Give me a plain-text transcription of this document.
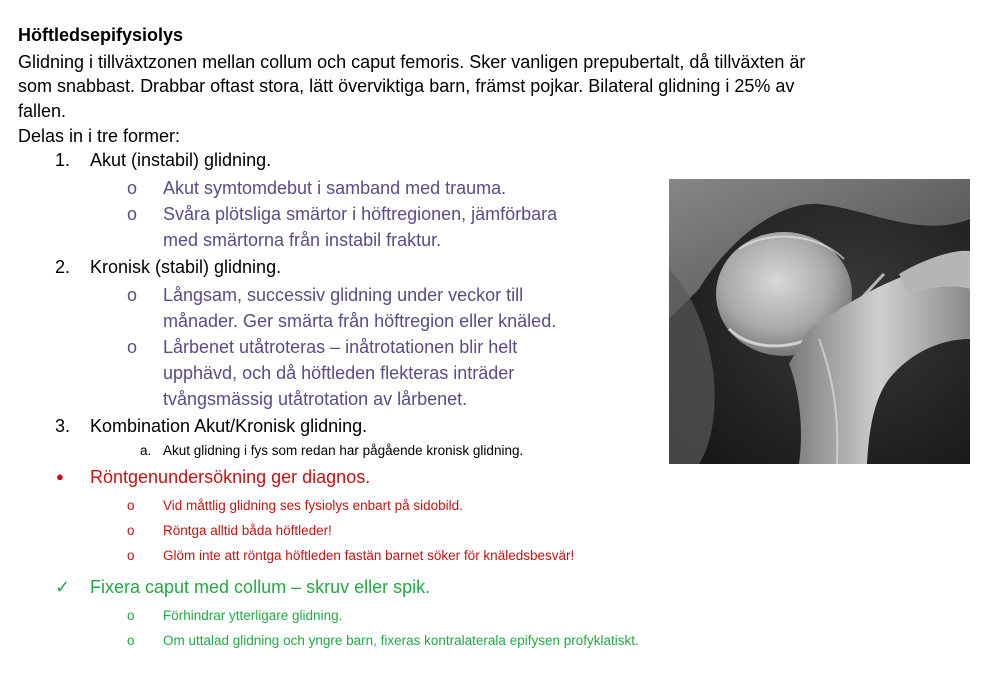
Höftledsepifysiolys
Glidning i tillväxtzonen mellan collum och caput femoris. Sker vanligen prepubertalt, då tillväxten är
som snabbast. Drabbar oftast stora, lätt överviktiga barn, främst pojkar. Bilateral glidning i 25% av
fallen.
Delas in i tre former:
1. Akut (instabil) glidning.
o Akut symtomdebut i samband med trauma.
o Svåra plötsliga smärtor i höftregionen, jämförbara
med smärtorna från instabil fraktur.
2. Kronisk (stabil) glidning.
o Långsam, successiv glidning under veckor till
månader. Ger smärta från höftregion eller knäled.
o Lårbenet utåtroteras – inåtrotationen blir helt
upphävd, och då höftleden flekteras inträder
tvångsmässig utåtrotation av lårbenet.
3. Kombination Akut/Kronisk glidning.
a. Akut glidning i fys som redan har pågående kronisk glidning.
● Röntgenundersökning ger diagnos.
o Vid måttlig glidning ses fysiolys enbart på sidobild.
o Röntga alltid båda höftleder!
o Glöm inte att röntga höftleden fastän barnet söker för knäledsbesvär!
✓ Fixera caput med collum – skruv eller spik.
o Förhindrar ytterligare glidning.
o Om uttalad glidning och yngre barn, fixeras kontralaterala epifysen profyklatiskt.
